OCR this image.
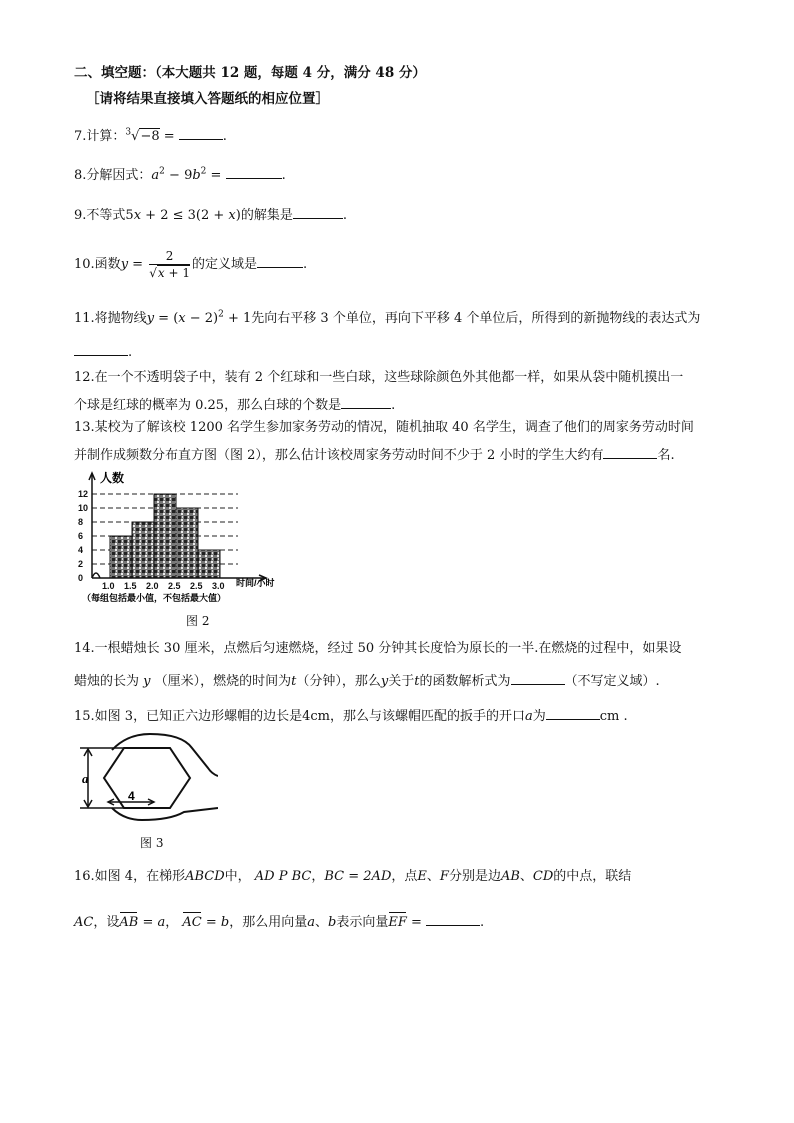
二、填空题：（本大题共 12 题，每题 4 分，满分 48 分）
［请将结果直接填入答题纸的相应位置］
7.计算：$^3$√−8 =	.
8.分解因式：$a^2 - 9b^2$ =	.
9.不等式5x + 2 ≤ 3(2 + x)的解集是	.
10.函数$y = \frac{2}{√x + 1}$ 的定义域是	.
11.将抛物线$y = (x - 2)^2 + 1$先向右平移 3 个单位，再向下平移 4 个单位后，所得到的新抛物线的表达式为
.
12.在一个不透明袋子中，装有 2 个红球和一些白球，这些球除颜色外其他都一样，如果从袋中随机摸出一
个球是红球的概率为 0.25，那么白球的个数是	.
13.某校为了解该校 1200 名学生参加家务劳动的情况，随机抽取 40 名学生，调查了他们的周家务劳动时间
并制作成频数分布直方图（图 2），那么估计该校周家务劳动时间不少于 2 小时的学生大约有	名.
0
2
4
6
8
10
12
1.0 1.5 2.0 2.5 2.5 3.0
人数
时间/小时
（每组包括最小值，不包括最大值）
图 2
14.一根蜡烛长 30 厘米，点燃后匀速燃烧，经过 50 分钟其长度恰为原长的一半.在燃烧的过程中，如果设
蜡烛的长为 y （厘米），燃烧的时间为t（分钟），那么y关于t的函数解析式为	（不写定义域）.
15.如图 3，已知正六边形螺帽的边长是4cm，那么与该螺帽匹配的扳手的开口a为	cm .
a
4
图 3
16.如图 4，在梯形ABCD中， AD P BC，BC = 2AD，点E、F分别是边AB、CD的中点，联结
AC，设AB = a， AC = b，那么用向量a、b表示向量EF =	.
